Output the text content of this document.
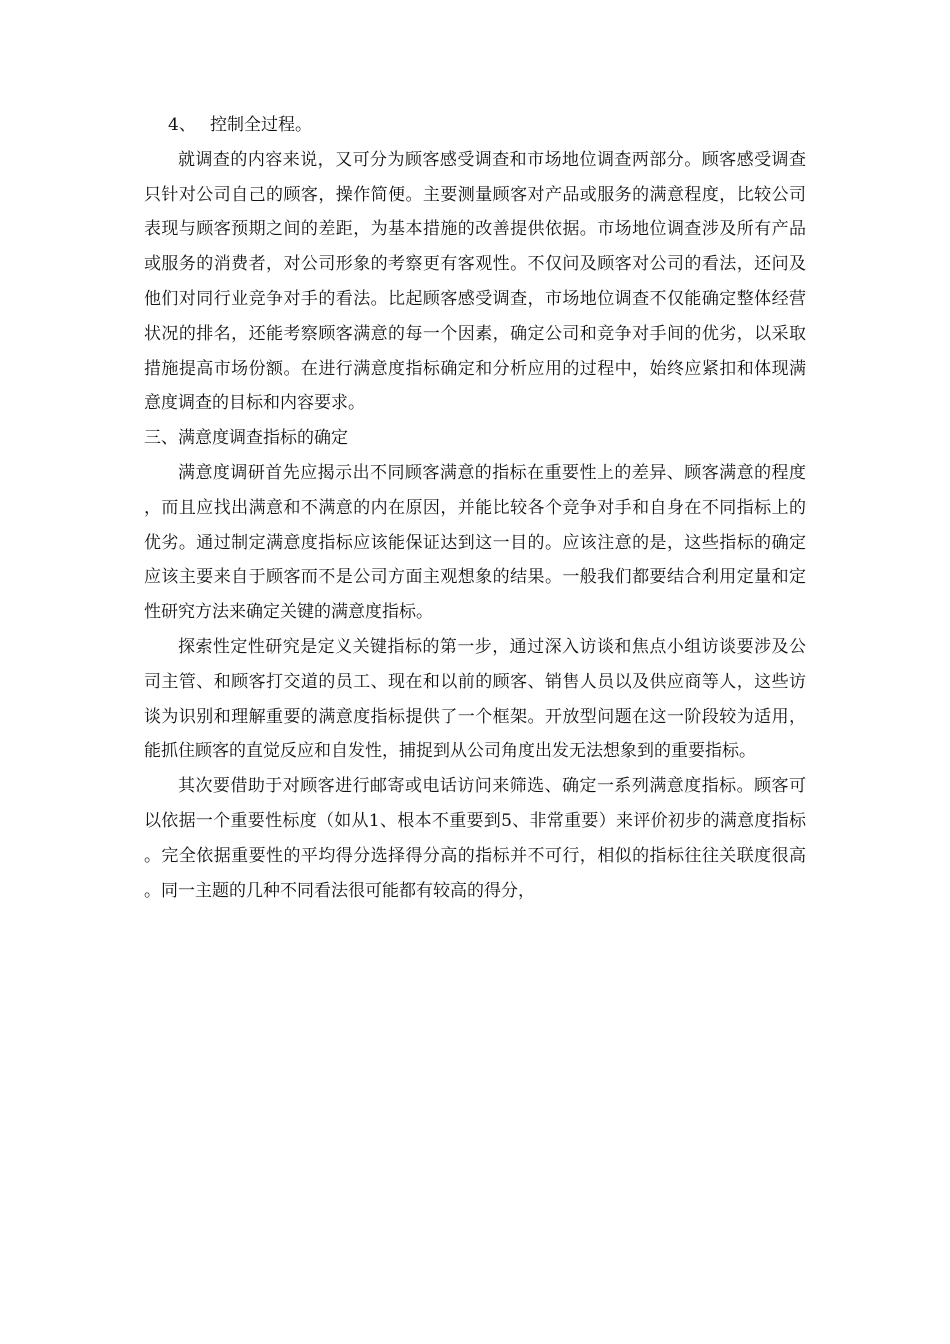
4、 控制全过程。

就调查的内容来说，又可分为顾客感受调查和市场地位调查两部分。顾客感受调查只针对公司自己的顾客，操作简便。主要测量顾客对产品或服务的满意程度，比较公司表现与顾客预期之间的差距，为基本措施的改善提供依据。市场地位调查涉及所有产品或服务的消费者，对公司形象的考察更有客观性。不仅问及顾客对公司的看法，还问及他们对同行业竞争对手的看法。比起顾客感受调查，市场地位调查不仅能确定整体经营状况的排名，还能考察顾客满意的每一个因素，确定公司和竞争对手间的优劣，以采取措施提高市场份额。在进行满意度指标确定和分析应用的过程中，始终应紧扣和体现满意度调查的目标和内容要求。

三、满意度调查指标的确定

满意度调研首先应揭示出不同顾客满意的指标在重要性上的差异、顾客满意的程度，而且应找出满意和不满意的内在原因，并能比较各个竞争对手和自身在不同指标上的优劣。通过制定满意度指标应该能保证达到这一目的。应该注意的是，这些指标的确定应该主要来自于顾客而不是公司方面主观想象的结果。一般我们都要结合利用定量和定性研究方法来确定关键的满意度指标。

探索性定性研究是定义关键指标的第一步，通过深入访谈和焦点小组访谈要涉及公司主管、和顾客打交道的员工、现在和以前的顾客、销售人员以及供应商等人，这些访谈为识别和理解重要的满意度指标提供了一个框架。开放型问题在这一阶段较为适用，能抓住顾客的直觉反应和自发性，捕捉到从公司角度出发无法想象到的重要指标。

其次要借助于对顾客进行邮寄或电话访问来筛选、确定一系列满意度指标。顾客可以依据一个重要性标度（如从1、根本不重要到5、非常重要）来评价初步的满意度指标。完全依据重要性的平均得分选择得分高的指标并不可行，相似的指标往往关联度很高。同一主题的几种不同看法很可能都有较高的得分，
